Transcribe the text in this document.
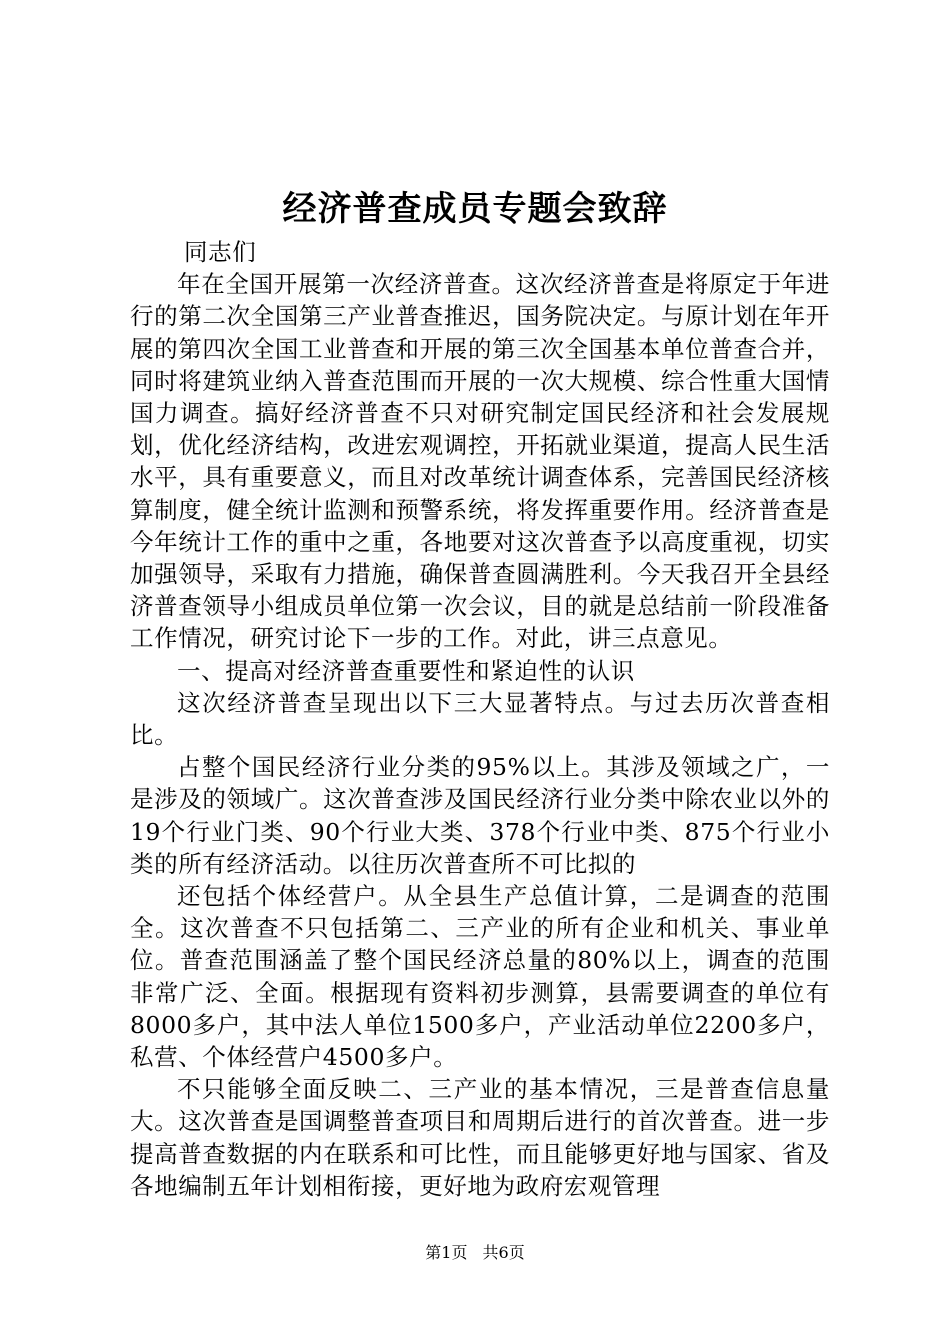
经济普查成员专题会致辞

同志们

年在全国开展第一次经济普查。这次经济普查是将原定于年进行的第二次全国第三产业普查推迟，国务院决定。与原计划在年开展的第四次全国工业普查和开展的第三次全国基本单位普查合并，同时将建筑业纳入普查范围而开展的一次大规模、综合性重大国情国力调查。搞好经济普查不只对研究制定国民经济和社会发展规划，优化经济结构，改进宏观调控，开拓就业渠道，提高人民生活水平，具有重要意义，而且对改革统计调查体系，完善国民经济核算制度，健全统计监测和预警系统，将发挥重要作用。经济普查是今年统计工作的重中之重，各地要对这次普查予以高度重视，切实加强领导，采取有力措施，确保普查圆满胜利。今天我召开全县经济普查领导小组成员单位第一次会议，目的就是总结前一阶段准备工作情况，研究讨论下一步的工作。对此，讲三点意见。

一、提高对经济普查重要性和紧迫性的认识

这次经济普查呈现出以下三大显著特点。与过去历次普查相比。

占整个国民经济行业分类的95%以上。其涉及领域之广，一是涉及的领域广。这次普查涉及国民经济行业分类中除农业以外的19个行业门类、90个行业大类、378个行业中类、875个行业小类的所有经济活动。以往历次普查所不可比拟的

还包括个体经营户。从全县生产总值计算，二是调查的范围全。这次普查不只包括第二、三产业的所有企业和机关、事业单位。普查范围涵盖了整个国民经济总量的80%以上，调查的范围非常广泛、全面。根据现有资料初步测算，县需要调查的单位有8000多户，其中法人单位1500多户，产业活动单位2200多户，私营、个体经营户4500多户。

不只能够全面反映二、三产业的基本情况，三是普查信息量大。这次普查是国调整普查项目和周期后进行的首次普查。进一步提高普查数据的内在联系和可比性，而且能够更好地与国家、省及各地编制五年计划相衔接，更好地为政府宏观管理

第1页 共6页
